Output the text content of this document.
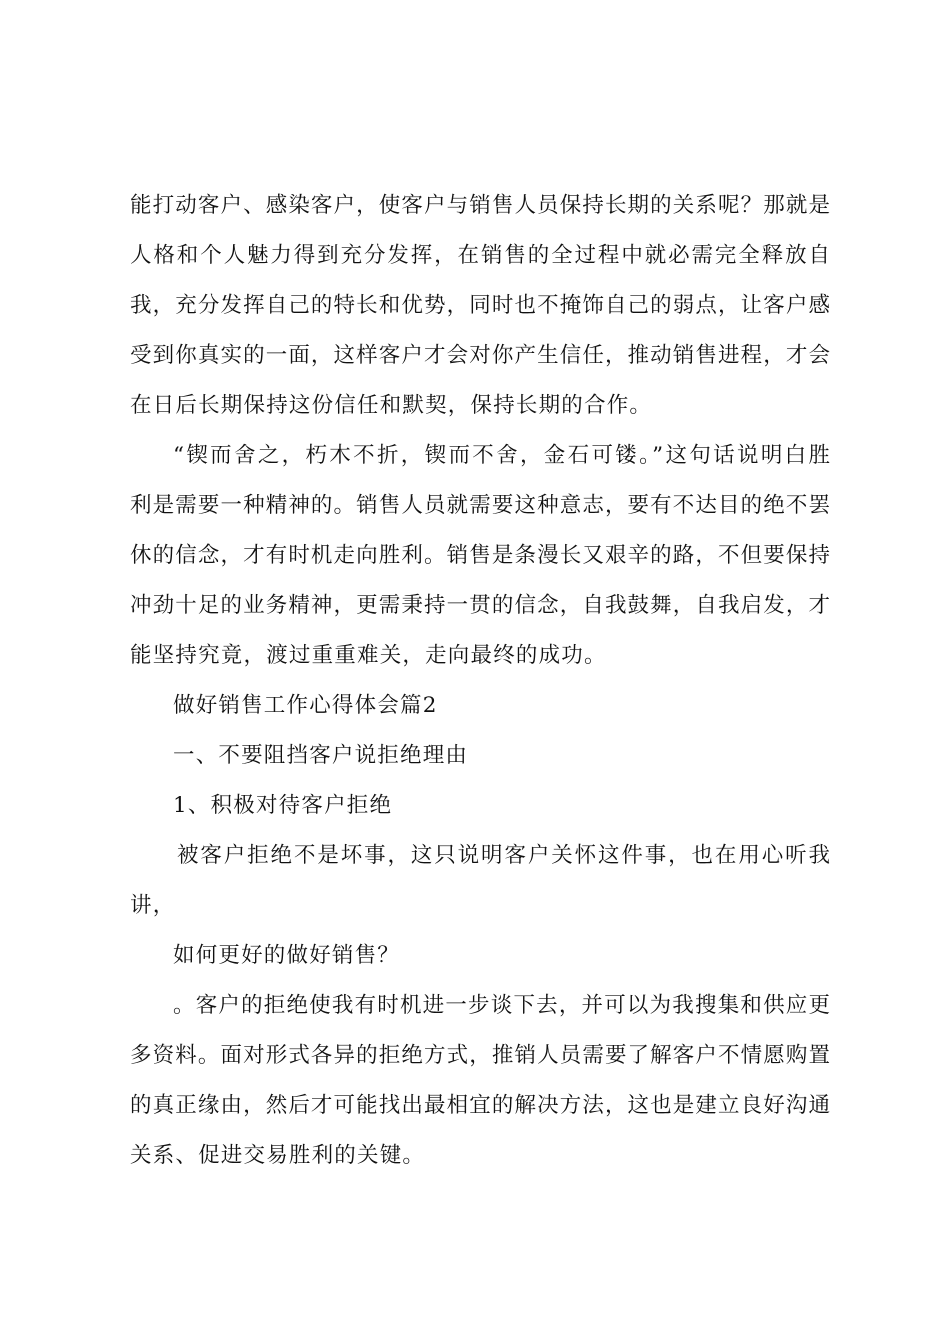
能打动客户、感染客户，使客户与销售人员保持长期的关系呢？那就是
人格和个人魅力得到充分发挥，在销售的全过程中就必需完全释放自
我，充分发挥自己的特长和优势，同时也不掩饰自己的弱点，让客户感
受到你真实的一面，这样客户才会对你产生信任，推动销售进程，才会
在日后长期保持这份信任和默契，保持长期的合作。
“锲而舍之，朽木不折，锲而不舍，金石可镂。”这句话说明白胜
利是需要一种精神的。销售人员就需要这种意志，要有不达目的绝不罢
休的信念，才有时机走向胜利。销售是条漫长又艰辛的路，不但要保持
冲劲十足的业务精神，更需秉持一贯的信念，自我鼓舞，自我启发，才
能坚持究竟，渡过重重难关，走向最终的成功。
做好销售工作心得体会篇2
一、不要阻挡客户说拒绝理由
1、积极对待客户拒绝
被客户拒绝不是坏事，这只说明客户关怀这件事，也在用心听我
讲，
如何更好的做好销售？
。客户的拒绝使我有时机进一步谈下去，并可以为我搜集和供应更
多资料。面对形式各异的拒绝方式，推销人员需要了解客户不情愿购置
的真正缘由，然后才可能找出最相宜的解决方法，这也是建立良好沟通
关系、促进交易胜利的关键。
